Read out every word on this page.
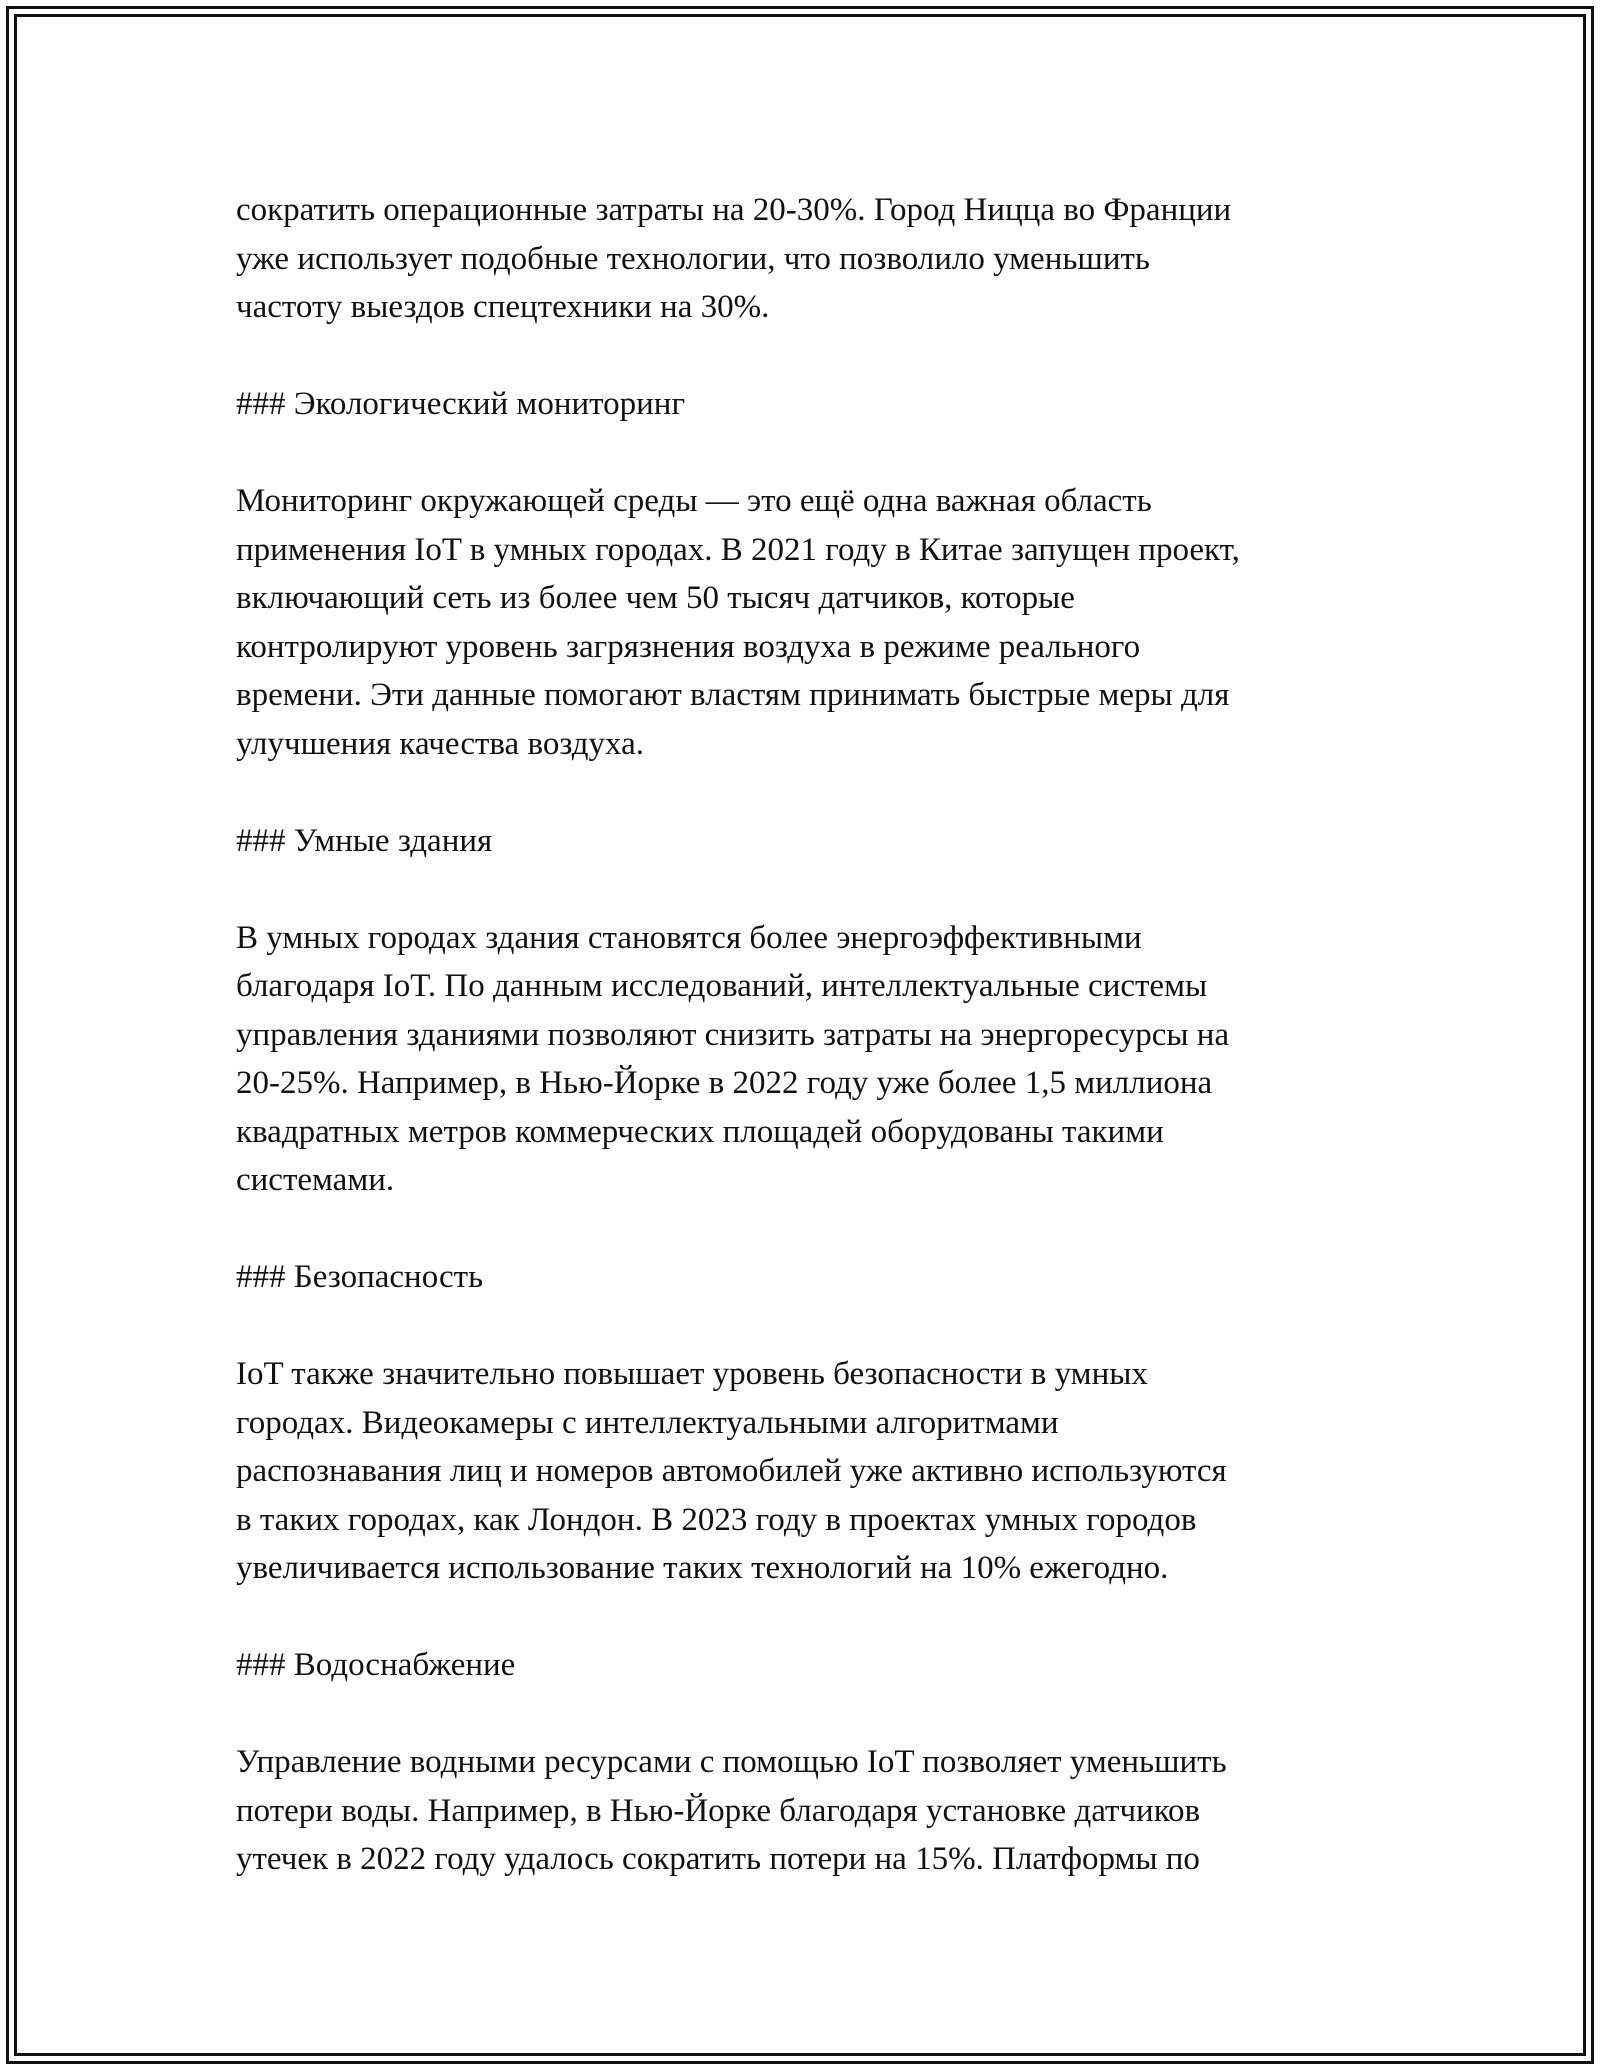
сократить операционные затраты на 20-30%. Город Ницца во Франции
уже использует подобные технологии, что позволило уменьшить
частоту выездов спецтехники на 30%.

### Экологический мониторинг

Мониторинг окружающей среды — это ещё одна важная область
применения IoT в умных городах. В 2021 году в Китае запущен проект,
включающий сеть из более чем 50 тысяч датчиков, которые
контролируют уровень загрязнения воздуха в режиме реального
времени. Эти данные помогают властям принимать быстрые меры для
улучшения качества воздуха.

### Умные здания

В умных городах здания становятся более энергоэффективными
благодаря IoT. По данным исследований, интеллектуальные системы
управления зданиями позволяют снизить затраты на энергоресурсы на
20-25%. Например, в Нью-Йорке в 2022 году уже более 1,5 миллиона
квадратных метров коммерческих площадей оборудованы такими
системами.

### Безопасность

IoT также значительно повышает уровень безопасности в умных
городах. Видеокамеры с интеллектуальными алгоритмами
распознавания лиц и номеров автомобилей уже активно используются
в таких городах, как Лондон. В 2023 году в проектах умных городов
увеличивается использование таких технологий на 10% ежегодно.

### Водоснабжение

Управление водными ресурсами с помощью IoT позволяет уменьшить
потери воды. Например, в Нью-Йорке благодаря установке датчиков
утечек в 2022 году удалось сократить потери на 15%. Платформы по
